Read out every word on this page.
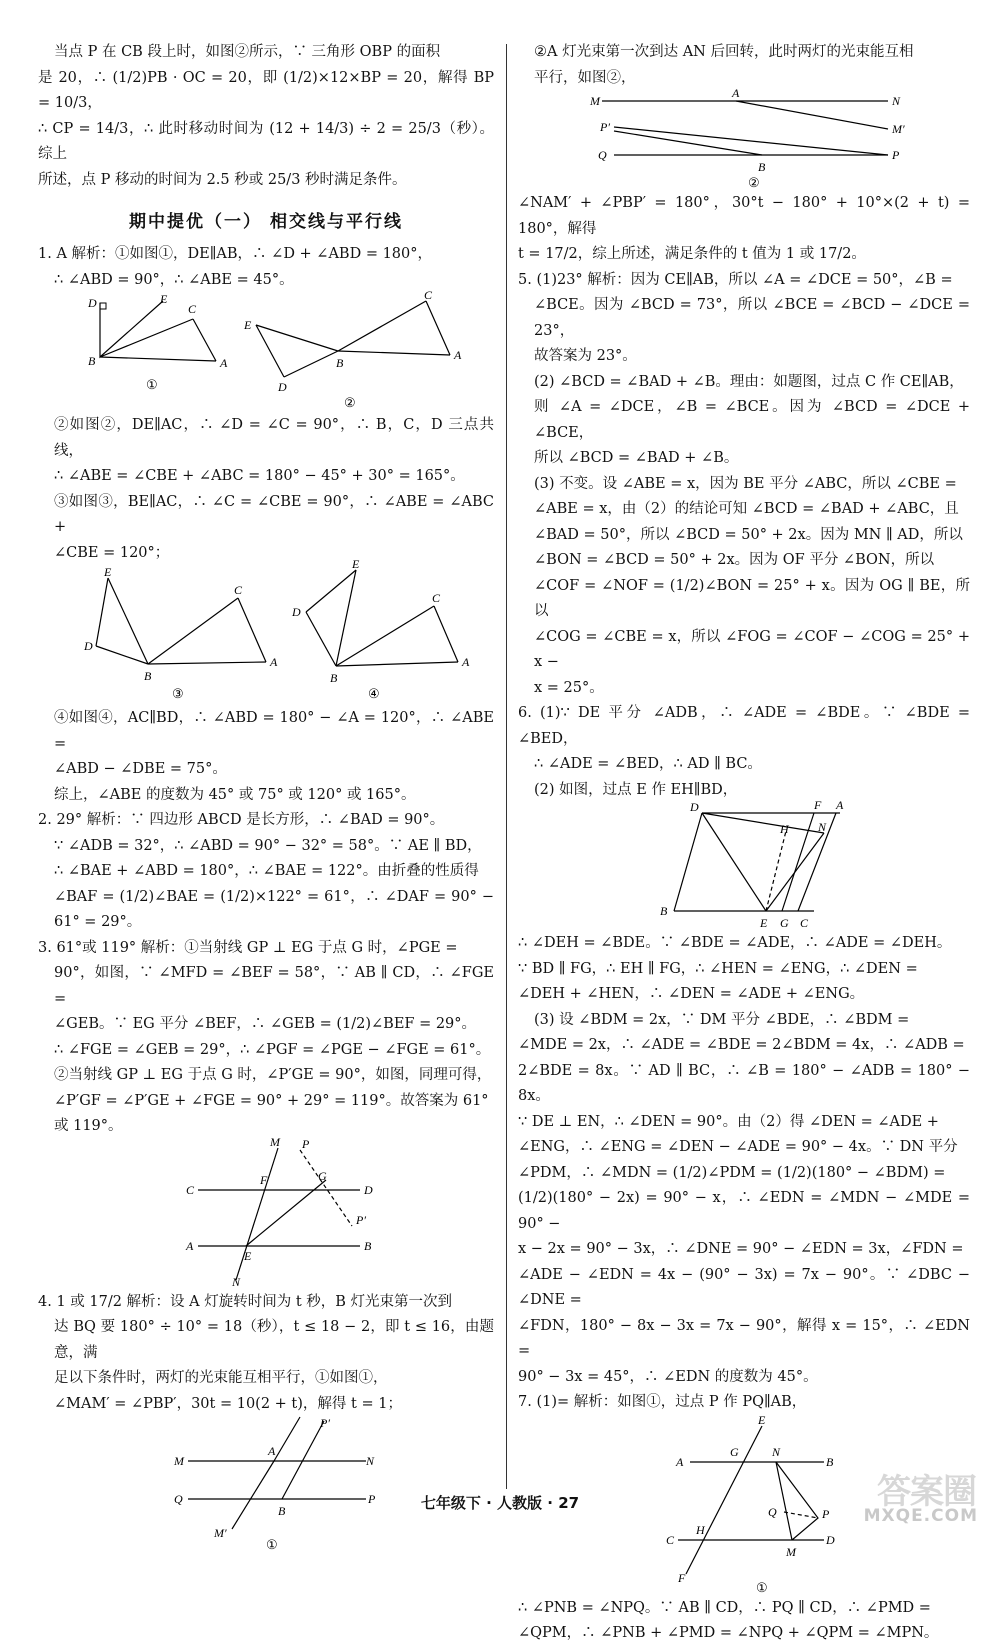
当点 P 在 CB 段上时，如图②所示，∵ 三角形 OBP 的面积

是 20，∴ (1/2)PB · OC = 20，即 (1/2)×12×BP = 20，解得 BP = 10/3，

∴ CP = 14/3，∴ 此时移动时间为 (12 + 14/3) ÷ 2 = 25/3（秒）。综上

所述，点 P 移动的时间为 2.5 秒或 25/3 秒时满足条件。

期中提优（一） 相交线与平行线

1. A 解析：①如图①，DE∥AB，∴ ∠D + ∠ABD = 180°，

∴ ∠ABD = 90°，∴ ∠ABE = 45°。

D	E
C
B	A
①
E
C
B
A
D
②

②如图②，DE∥AC，∴ ∠D = ∠C = 90°，∴ B，C，D 三点共线，

∴ ∠ABE = ∠CBE + ∠ABC = 180° − 45° + 30° = 165°。

③如图③，BE∥AC，∴ ∠C = ∠CBE = 90°，∴ ∠ABE = ∠ABC +

∠CBE = 120°；

E
C
D
B
A
③
E
D
C
B
A
④

④如图④，AC∥BD，∴ ∠ABD = 180° − ∠A = 120°，∴ ∠ABE =

∠ABD − ∠DBE = 75°。

综上，∠ABE 的度数为 45° 或 75° 或 120° 或 165°。

2. 29° 解析：∵ 四边形 ABCD 是长方形，∴ ∠BAD = 90°。

∵ ∠ADB = 32°，∴ ∠ABD = 90° − 32° = 58°。∵ AE ∥ BD，

∴ ∠BAE + ∠ABD = 180°，∴ ∠BAE = 122°。由折叠的性质得

∠BAF = (1/2)∠BAE = (1/2)×122° = 61°，∴ ∠DAF = 90° − 61° = 29°。

3. 61°或 119° 解析：①当射线 GP ⊥ EG 于点 G 时，∠PGE =

90°，如图，∵ ∠MFD = ∠BEF = 58°，∵ AB ∥ CD，∴ ∠FGE =

∠GEB。∵ EG 平分 ∠BEF，∴ ∠GEB = (1/2)∠BEF = 29°。

∴ ∠FGE = ∠GEB = 29°，∴ ∠PGF = ∠PGE − ∠FGE = 61°。

②当射线 GP ⊥ EG 于点 G 时，∠P′GE = 90°，如图，同理可得，

∠P′GF = ∠P′GE + ∠FGE = 90° + 29° = 119°。故答案为 61°

或 119°。

M P
C
F	G
D
P′
A
E
B
N

4. 1 或 17/2 解析：设 A 灯旋转时间为 t 秒，B 灯光束第一次到

达 BQ 要 180° ÷ 10° = 18（秒），t ≤ 18 − 2，即 t ≤ 16，由题意，满

足以下条件时，两灯的光束能互相平行，①如图①，

∠MAM′ = ∠PBP′，30t = 10(2 + t)，解得 t = 1；

P′
M
A
N
Q
B
P
M′
①

②A 灯光束第一次到达 AN 后回转，此时两灯的光束能互相

平行，如图②，

M
A
N
M′
P′
Q
B
P
②

∠NAM′ + ∠PBP′ = 180°，30°t − 180° + 10°×(2 + t) = 180°，解得

t = 17/2，综上所述，满足条件的 t 值为 1 或 17/2。

5. (1)23° 解析：因为 CE∥AB，所以 ∠A = ∠DCE = 50°，∠B =

∠BCE。因为 ∠BCD = 73°，所以 ∠BCE = ∠BCD − ∠DCE = 23°，

故答案为 23°。

(2) ∠BCD = ∠BAD + ∠B。理由：如题图，过点 C 作 CE∥AB，

则 ∠A = ∠DCE，∠B = ∠BCE。因为 ∠BCD = ∠DCE + ∠BCE，

所以 ∠BCD = ∠BAD + ∠B。

(3) 不变。设 ∠ABE = x，因为 BE 平分 ∠ABC，所以 ∠CBE =

∠ABE = x，由（2）的结论可知 ∠BCD = ∠BAD + ∠ABC，且

∠BAD = 50°，所以 ∠BCD = 50° + 2x。因为 MN ∥ AD，所以

∠BON = ∠BCD = 50° + 2x。因为 OF 平分 ∠BON，所以

∠COF = ∠NOF = (1/2)∠BON = 25° + x。因为 OG ∥ BE，所以

∠COG = ∠CBE = x，所以 ∠FOG = ∠COF − ∠COG = 25° + x −

x = 25°。

6. (1)∵ DE 平分 ∠ADB，∴ ∠ADE = ∠BDE。∵ ∠BDE = ∠BED，

∴ ∠ADE = ∠BED，∴ AD ∥ BC。

(2) 如图，过点 E 作 EH∥BD，

D	F A
H N
B
E G C

∴ ∠DEH = ∠BDE。∵ ∠BDE = ∠ADE，∴ ∠ADE = ∠DEH。

∵ BD ∥ FG，∴ EH ∥ FG，∴ ∠HEN = ∠ENG，∴ ∠DEN =

∠DEH + ∠HEN，∴ ∠DEN = ∠ADE + ∠ENG。

(3) 设 ∠BDM = 2x，∵ DM 平分 ∠BDE，∴ ∠BDM =

∠MDE = 2x，∴ ∠ADE = ∠BDE = 2∠BDM = 4x，∴ ∠ADB =

2∠BDE = 8x。∵ AD ∥ BC，∴ ∠B = 180° − ∠ADB = 180° − 8x。

∵ DE ⊥ EN，∴ ∠DEN = 90°。由（2）得 ∠DEN = ∠ADE +

∠ENG，∴ ∠ENG = ∠DEN − ∠ADE = 90° − 4x。∵ DN 平分

∠PDM，∴ ∠MDN = (1/2)∠PDM = (1/2)(180° − ∠BDM) =

(1/2)(180° − 2x) = 90° − x，∴ ∠EDN = ∠MDN − ∠MDE = 90° −

x − 2x = 90° − 3x，∴ ∠DNE = 90° − ∠EDN = 3x，∠FDN =

∠ADE − ∠EDN = 4x − (90° − 3x) = 7x − 90°。∵ ∠DBC − ∠DNE =

∠FDN，180° − 8x − 3x = 7x − 90°，解得 x = 15°，∴ ∠EDN =

90° − 3x = 45°，∴ ∠EDN 的度数为 45°。

7. (1)= 解析：如图①，过点 P 作 PQ∥AB，

E
A
G	N
B
Q	P
C
H
M
D
F
①

∴ ∠PNB = ∠NPQ。∵ AB ∥ CD，∴ PQ ∥ CD，∴ ∠PMD =

∠QPM，∴ ∠PNB + ∠PMD = ∠NPQ + ∠QPM = ∠MPN。

七年级下 · 人教版 · 27	答案圈
MXQE.COM
